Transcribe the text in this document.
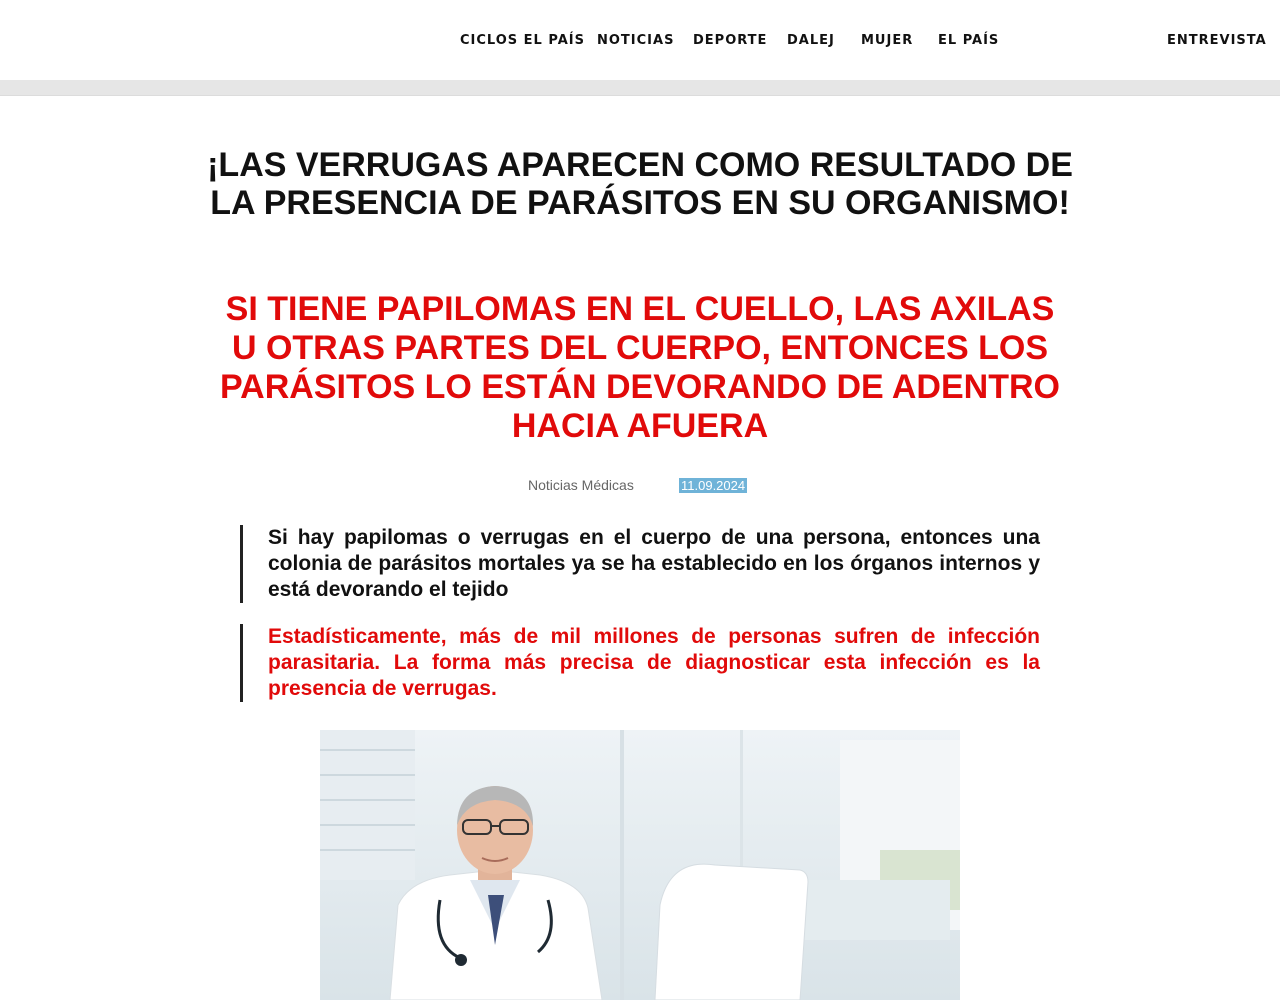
CICLOS EL PAÍS NOTICIAS DEPORTE DALEJ MUJER EL PAÍS	ENTREVISTA
¡LAS VERRUGAS APARECEN COMO RESULTADO DE LA PRESENCIA DE PARÁSITOS EN SU ORGANISMO!
SI TIENE PAPILOMAS EN EL CUELLO, LAS AXILAS U OTRAS PARTES DEL CUERPO, ENTONCES LOS PARÁSITOS LO ESTÁN DEVORANDO DE ADENTRO HACIA AFUERA
Noticias Médicas	11.09.2024
Si hay papilomas o verrugas en el cuerpo de una persona, entonces una colonia de parásitos mortales ya se ha establecido en los órganos internos y está devorando el tejido
Estadísticamente, más de mil millones de personas sufren de infección parasitaria. La forma más precisa de diagnosticar esta infección es la presencia de verrugas.
